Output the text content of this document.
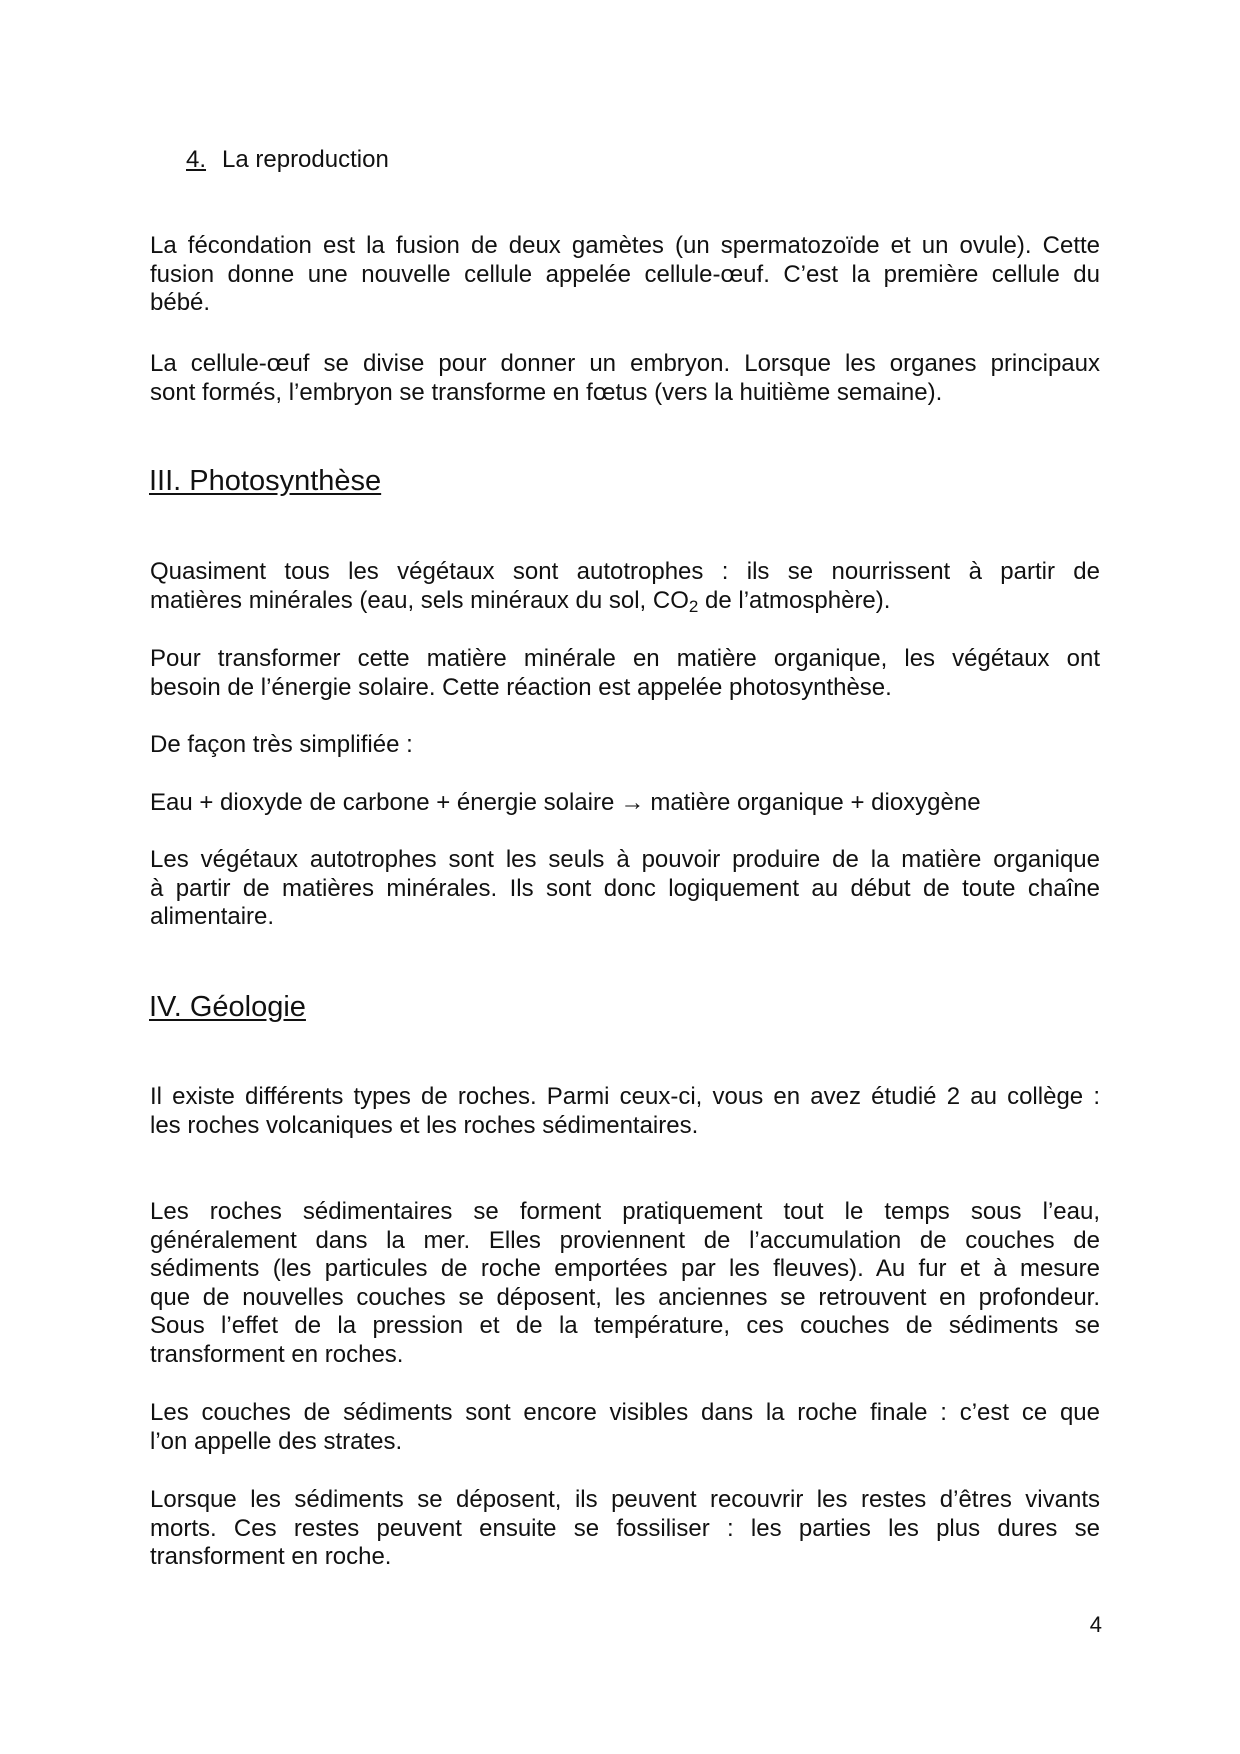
4. La reproduction
La fécondation est la fusion de deux gamètes (un spermatozoïde et un ovule). Cette
fusion donne une nouvelle cellule appelée cellule-œuf. C’est la première cellule du
bébé.
La cellule-œuf se divise pour donner un embryon. Lorsque les organes principaux
sont formés, l’embryon se transforme en fœtus (vers la huitième semaine).
III. Photosynthèse
Quasiment tous les végétaux sont autotrophes : ils se nourrissent à partir de
matières minérales (eau, sels minéraux du sol, $CO_2$ de l’atmosphère).
Pour transformer cette matière minérale en matière organique, les végétaux ont
besoin de l’énergie solaire. Cette réaction est appelée photosynthèse.
De façon très simplifiée :
Eau + dioxyde de carbone + énergie solaire → matière organique + dioxygène
Les végétaux autotrophes sont les seuls à pouvoir produire de la matière organique
à partir de matières minérales. Ils sont donc logiquement au début de toute chaîne
alimentaire.
IV. Géologie
Il existe différents types de roches. Parmi ceux-ci, vous en avez étudié 2 au collège :
les roches volcaniques et les roches sédimentaires.
Les roches sédimentaires se forment pratiquement tout le temps sous l’eau,
généralement dans la mer. Elles proviennent de l’accumulation de couches de
sédiments (les particules de roche emportées par les fleuves). Au fur et à mesure
que de nouvelles couches se déposent, les anciennes se retrouvent en profondeur.
Sous l’effet de la pression et de la température, ces couches de sédiments se
transforment en roches.
Les couches de sédiments sont encore visibles dans la roche finale : c’est ce que
l’on appelle des strates.
Lorsque les sédiments se déposent, ils peuvent recouvrir les restes d’êtres vivants
morts. Ces restes peuvent ensuite se fossiliser : les parties les plus dures se
transforment en roche.
4
